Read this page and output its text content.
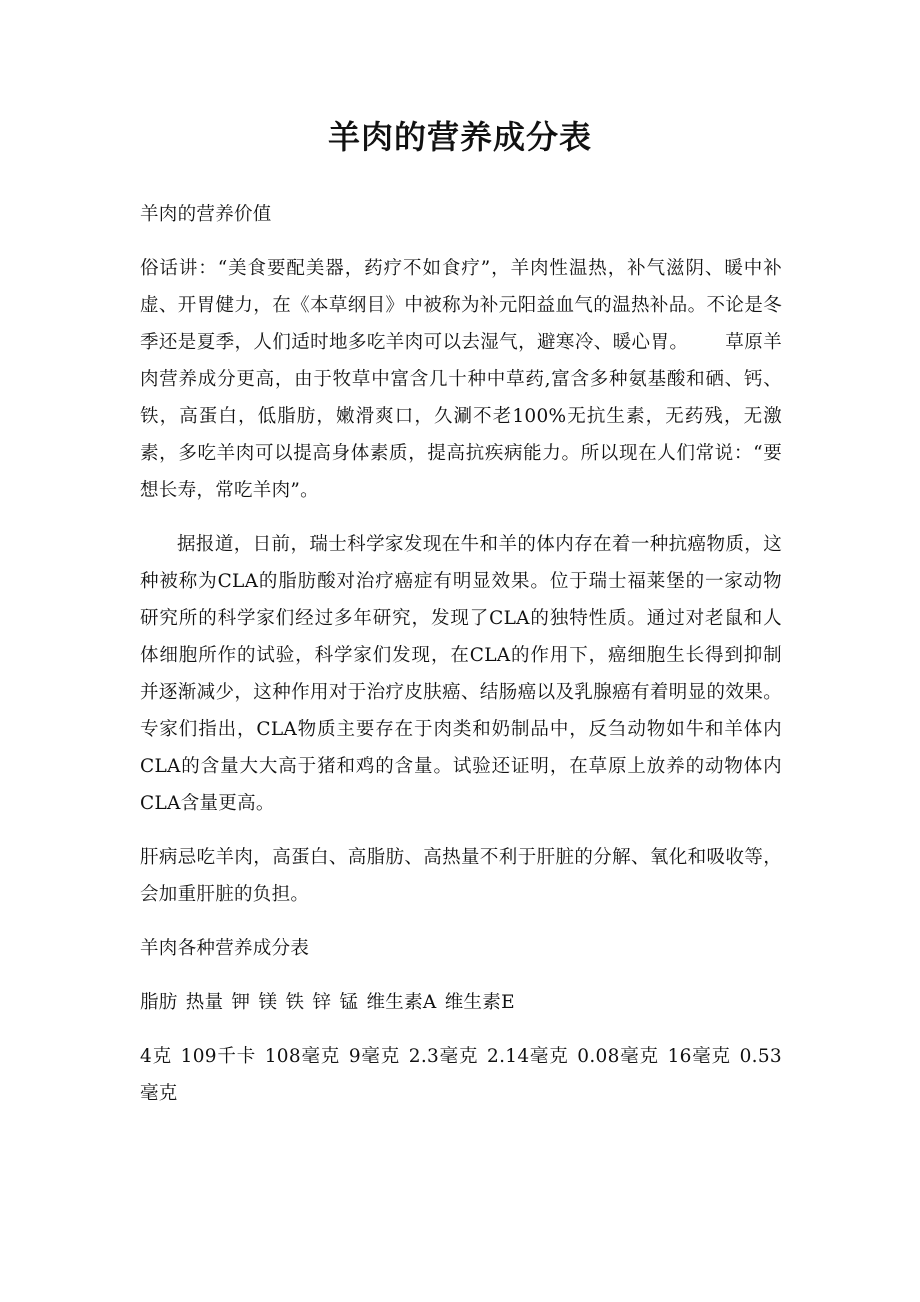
羊肉的营养成分表

羊肉的营养价值

俗话讲：“美食要配美器，药疗不如食疗”，羊肉性温热，补气滋阴、暖中补虚、开胃健力，在《本草纲目》中被称为补元阳益血气的温热补品。不论是冬季还是夏季，人们适时地多吃羊肉可以去湿气，避寒冷、暖心胃。 草原羊肉营养成分更高，由于牧草中富含几十种中草药,富含多种氨基酸和硒、钙、铁，高蛋白，低脂肪，嫩滑爽口，久涮不老100%无抗生素，无药残，无激素，多吃羊肉可以提高身体素质，提高抗疾病能力。所以现在人们常说：“要想长寿，常吃羊肉”。

据报道，日前，瑞士科学家发现在牛和羊的体内存在着一种抗癌物质，这种被称为CLA的脂肪酸对治疗癌症有明显效果。位于瑞士福莱堡的一家动物研究所的科学家们经过多年研究，发现了CLA的独特性质。通过对老鼠和人体细胞所作的试验，科学家们发现，在CLA的作用下，癌细胞生长得到抑制并逐渐减少，这种作用对于治疗皮肤癌、结肠癌以及乳腺癌有着明显的效果。专家们指出，CLA物质主要存在于肉类和奶制品中，反刍动物如牛和羊体内CLA的含量大大高于猪和鸡的含量。试验还证明，在草原上放养的动物体内CLA含量更高。

肝病忌吃羊肉，高蛋白、高脂肪、高热量不利于肝脏的分解、氧化和吸收等，会加重肝脏的负担。

羊肉各种营养成分表

脂肪 热量 钾 镁 铁 锌 锰 维生素A 维生素E

4克 109千卡 108毫克 9毫克 2.3毫克 2.14毫克 0.08毫克 16毫克 0.53毫克
